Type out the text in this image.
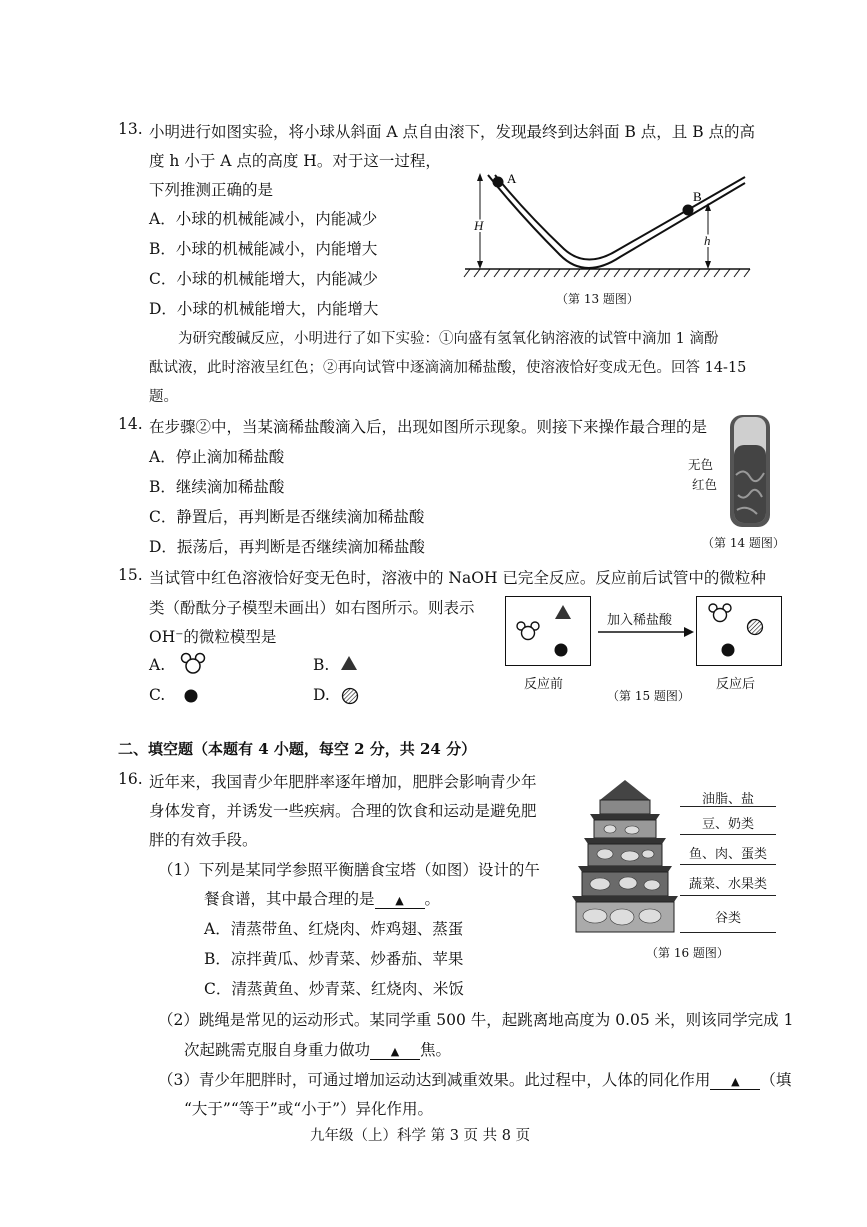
13. 小明进行如图实验，将小球从斜面 A 点自由滚下，发现最终到达斜面 B 点，且 B 点的高
度 h 小于 A 点的高度 H。对于这一过程，
下列推测正确的是
A．小球的机械能减小，内能减少
B．小球的机械能减小，内能增大
C．小球的机械能增大，内能减少
D．小球的机械能增大，内能增大
A
B
H
h
（第 13 题图）
为研究酸碱反应，小明进行了如下实验：①向盛有氢氧化钠溶液的试管中滴加 1 滴酚
酞试液，此时溶液呈红色；②再向试管中逐滴滴加稀盐酸，使溶液恰好变成无色。回答 14-15
题。
14. 在步骤②中，当某滴稀盐酸滴入后，出现如图所示现象。则接下来操作最合理的是
A．停止滴加稀盐酸
B．继续滴加稀盐酸
C．静置后，再判断是否继续滴加稀盐酸
D．振荡后，再判断是否继续滴加稀盐酸
无色
红色
（第 14 题图）
15. 当试管中红色溶液恰好变无色时，溶液中的 NaOH 已完全反应。反应前后试管中的微粒种
类（酚酞分子模型未画出）如右图所示。则表示
OH⁻的微粒模型是
A.	B.
C.	D.
加入稀盐酸
反应前
（第 15 题图）
反应后
二、填空题（本题有 4 小题，每空 2 分，共 24 分）
16. 近年来，我国青少年肥胖率逐年增加，肥胖会影响青少年
身体发育，并诱发一些疾病。合理的饮食和运动是避免肥
胖的有效手段。
（1）下列是某同学参照平衡膳食宝塔（如图）设计的午
餐食谱，其中最合理的是 ▲ 。
A．清蒸带鱼、红烧肉、炸鸡翅、蒸蛋
B．凉拌黄瓜、炒青菜、炒番茄、苹果
C．清蒸黄鱼、炒青菜、红烧肉、米饭
（2）跳绳是常见的运动形式。某同学重 500 牛，起跳离地高度为 0.05 米，则该同学完成 1
次起跳需克服自身重力做功 ▲ 焦。
（3）青少年肥胖时，可通过增加运动达到减重效果。此过程中，人体的同化作用 ▲ （填
“大于”“等于”或“小于”）异化作用。
油脂、盐
豆、奶类
鱼、肉、蛋类
蔬菜、水果类
谷类
（第 16 题图）
九年级（上）科学 第 3 页 共 8 页
